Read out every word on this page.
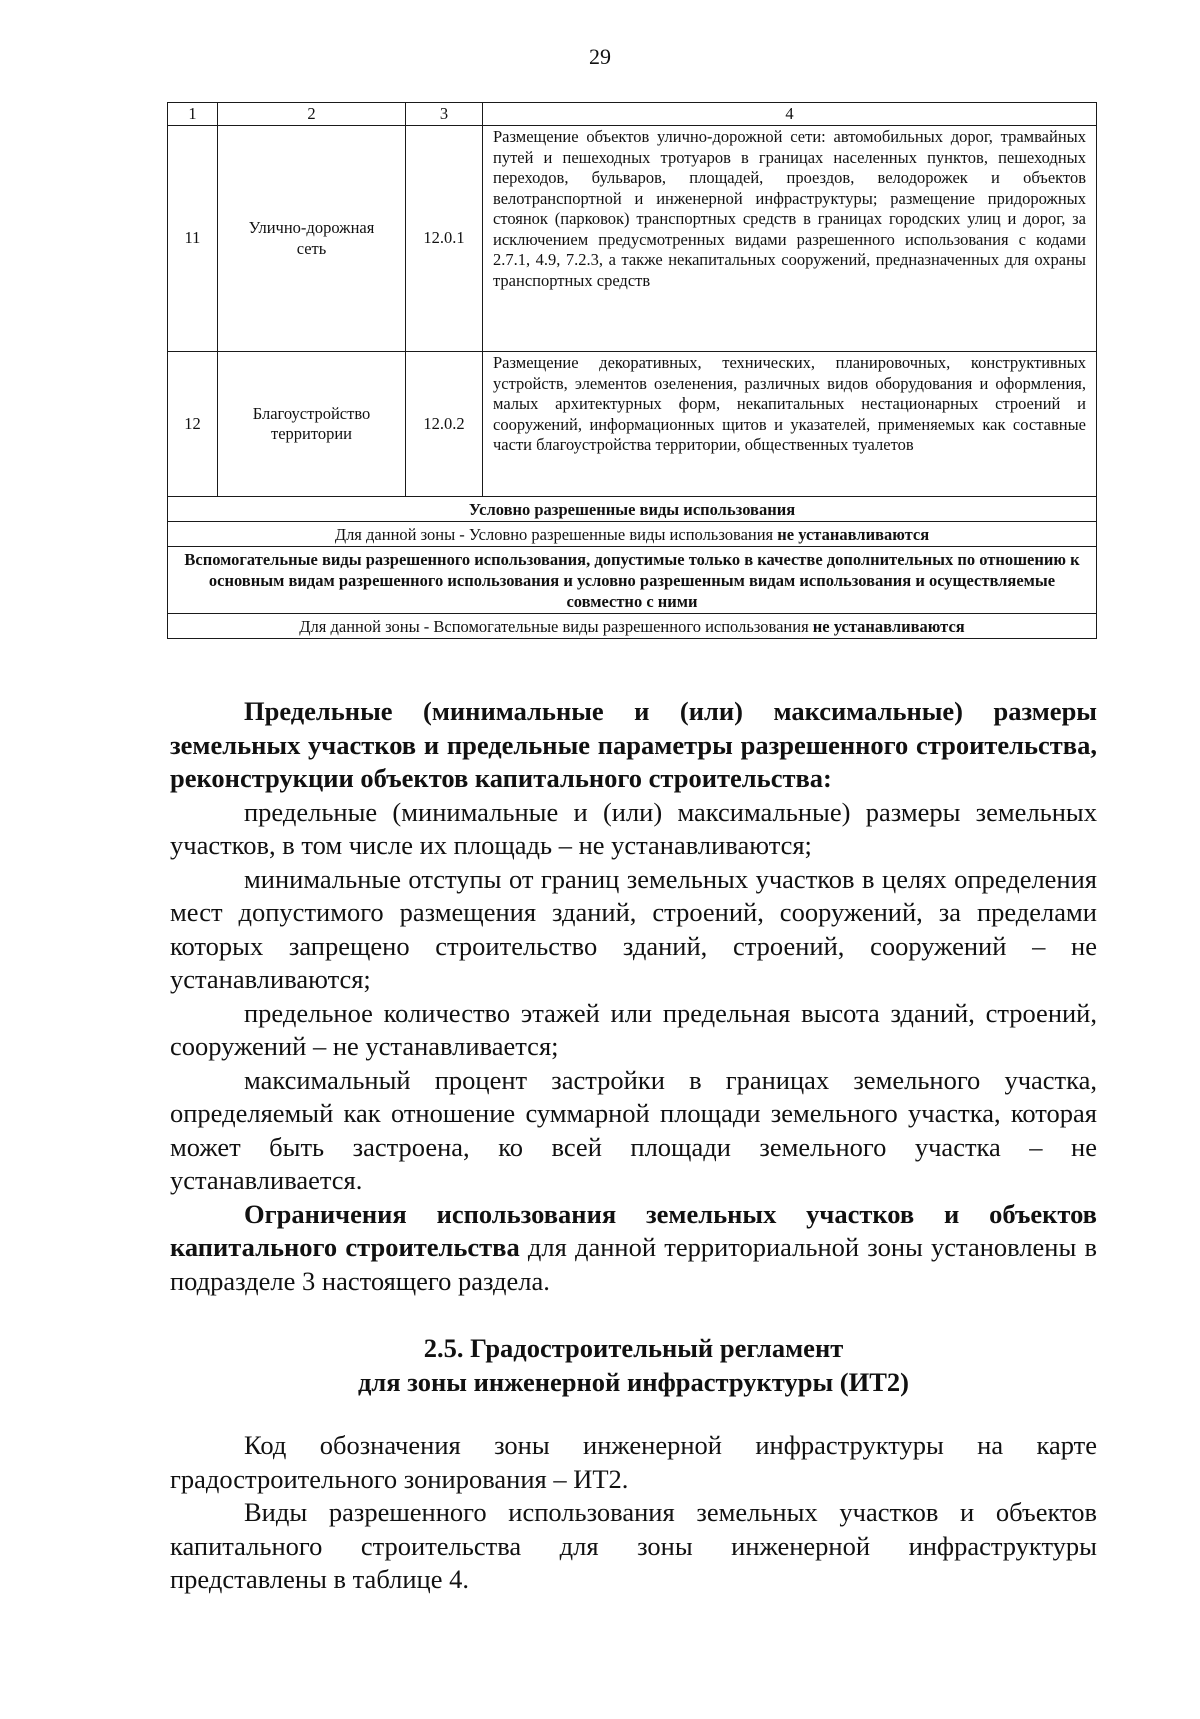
29
1	2	3	4
11	Улично-дорожная сеть	12.0.1	Размещение объектов улично-дорожной сети: автомобильных дорог, трамвайных путей и пешеходных тротуаров в границах населенных пунктов, пешеходных переходов, бульваров, площадей, проездов, велодорожек и объектов велотранспортной и инженерной инфраструктуры; размещение придорожных стоянок (парковок) транспортных средств в границах городских улиц и дорог, за исключением предусмотренных видами разрешенного использования с кодами 2.7.1, 4.9, 7.2.3, а также некапитальных сооружений, предназначенных для охраны транспортных средств
12	Благоустройство территории	12.0.2	Размещение декоративных, технических, планировочных, конструктивных устройств, элементов озеленения, различных видов оборудования и оформления, малых архитектурных форм, некапитальных нестационарных строений и сооружений, информационных щитов и указателей, применяемых как составные части благоустройства территории, общественных туалетов
Условно разрешенные виды использования			
Для данной зоны - Условно разрешенные виды использования не устанавливаются			
Вспомогательные виды разрешенного использования, допустимые только в качестве дополнительных по отношению к основным видам разрешенного использования и условно разрешенным видам использования и осуществляемые совместно с ними			
Для данной зоны - Вспомогательные виды разрешенного использования не устанавливаются			

Предельные (минимальные и (или) максимальные) размеры земельных участков и предельные параметры разрешенного строительства, реконструкции объектов капитального строительства:

предельные (минимальные и (или) максимальные) размеры земельных участков, в том числе их площадь – не устанавливаются;

минимальные отступы от границ земельных участков в целях определения мест допустимого размещения зданий, строений, сооружений, за пределами которых запрещено строительство зданий, строений, сооружений – не устанавливаются;

предельное количество этажей или предельная высота зданий, строений, сооружений – не устанавливается;

максимальный процент застройки в границах земельного участка, определяемый как отношение суммарной площади земельного участка, которая может быть застроена, ко всей площади земельного участка – не устанавливается.

Ограничения использования земельных участков и объектов капитального строительства для данной территориальной зоны установлены в подразделе 3 настоящего раздела.

2.5. Градостроительный регламент
для зоны инженерной инфраструктуры (ИТ2)

Код обозначения зоны инженерной инфраструктуры на карте градостроительного зонирования – ИТ2.

Виды разрешенного использования земельных участков и объектов капитального строительства для зоны инженерной инфраструктуры представлены в таблице 4.
